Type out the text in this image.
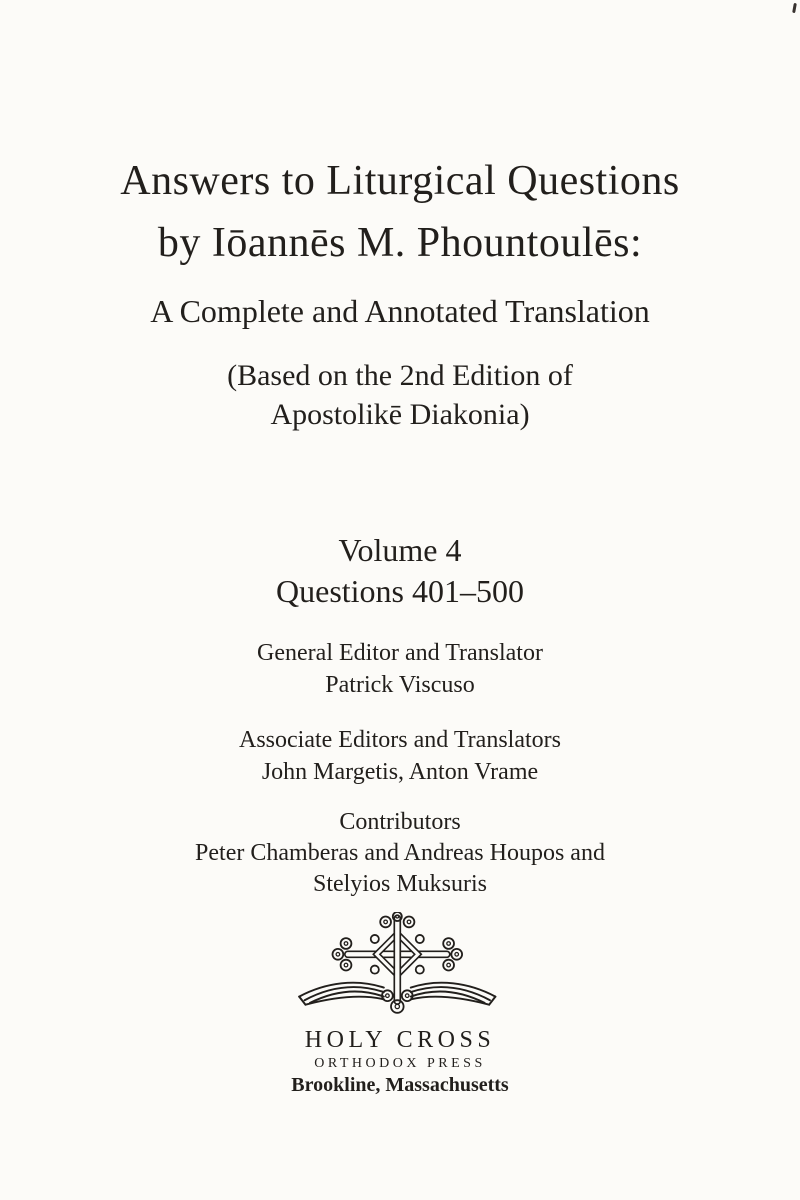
Answers to Liturgical Questions
by Iōannēs M. Phountoulēs:
A Complete and Annotated Translation
(Based on the 2nd Edition of
Apostolikē Diakonia)
Volume 4
Questions 401–500
General Editor and Translator
Patrick Viscuso
Associate Editors and Translators
John Margetis, Anton Vrame
Contributors
Peter Chamberas and Andreas Houpos and
Stelyios Muksuris
HOLY CROSS
ORTHODOX PRESS
Brookline, Massachusetts
